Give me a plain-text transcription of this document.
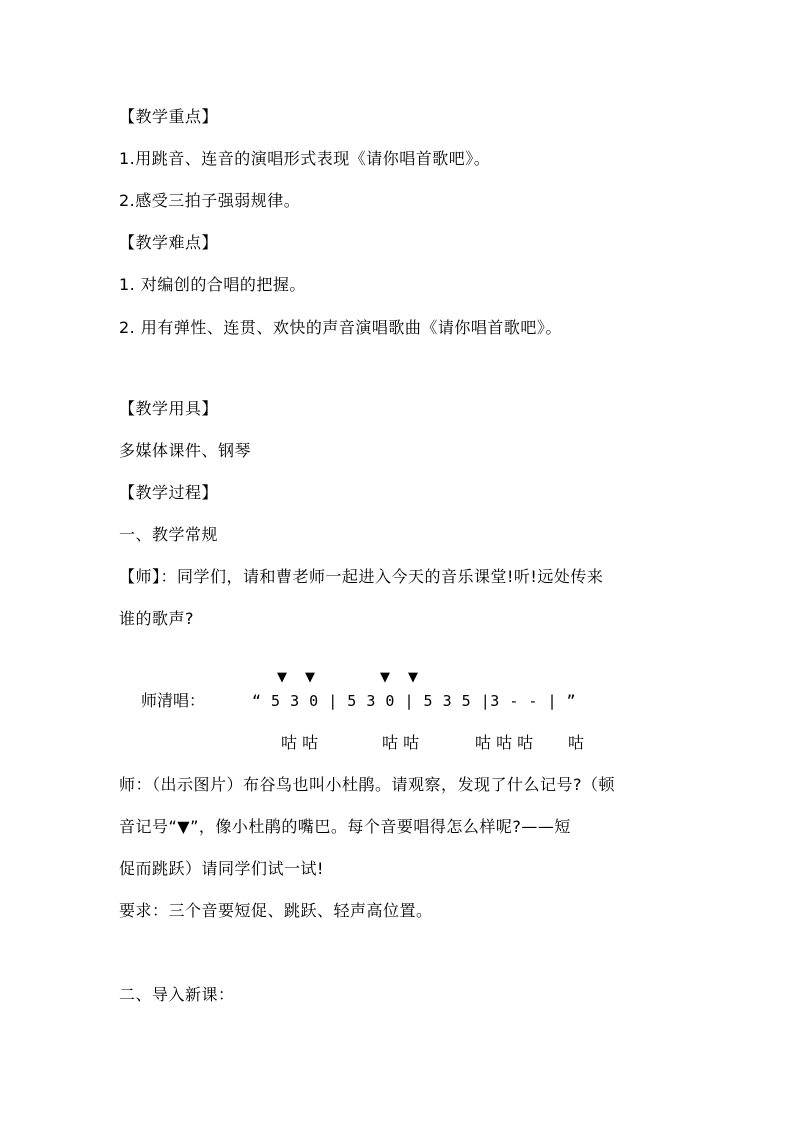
【教学重点】
1.用跳音、连音的演唱形式表现《请你唱首歌吧》。
2.感受三拍子强弱规律。
【教学难点】
1. 对编创的合唱的把握。
2. 用有弹性、连贯、欢快的声音演唱歌曲《请你唱首歌吧》。
【教学用具】
多媒体课件、钢琴
【教学过程】
一、教学常规
【师】：同学们，请和曹老师一起进入今天的音乐课堂!听!远处传来
谁的歌声?
▼ ▼	▼ ▼
师清唱：	“ 5 3 0 | 5 3 0 | 5 3 5 |3 - - | ”
咕 咕	咕 咕	咕 咕 咕 咕
师：（出示图片）布谷鸟也叫小杜鹃。请观察，发现了什么记号?（顿
音记号“▼”，像小杜鹃的嘴巴。每个音要唱得怎么样呢?——短
促而跳跃）请同学们试一试!
要求：三个音要短促、跳跃、轻声高位置。
二、导入新课：
